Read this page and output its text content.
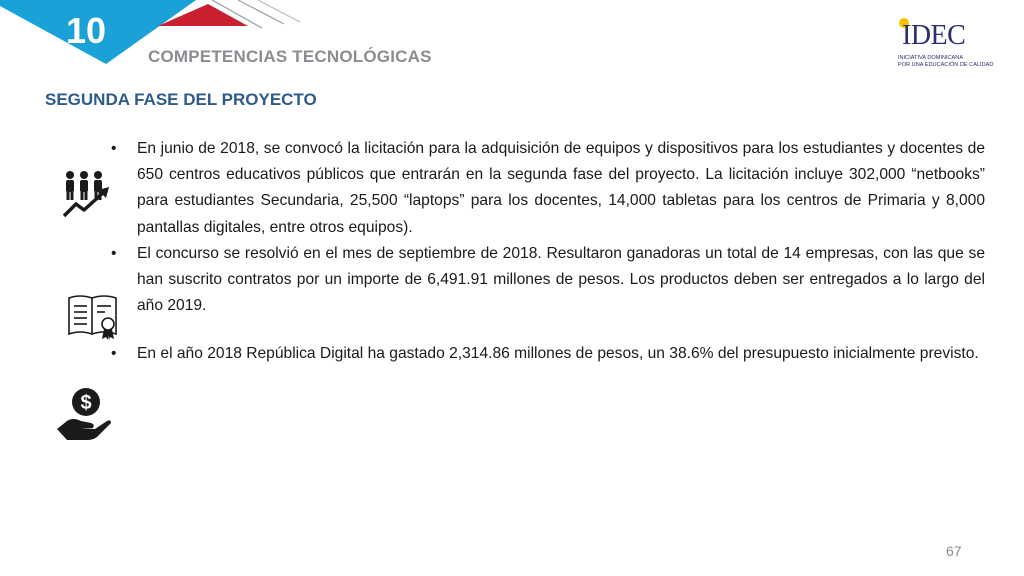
10
COMPETENCIAS TECNOLÓGICAS
IDEC
INICIATIVA DOMINICANA
POR UNA EDUCACIÓN DE CALIDAD
SEGUNDA FASE DEL PROYECTO
$
• En junio de 2018, se convocó la licitación para la adquisición de equipos y dispositivos para los estudiantes y docentes de 650 centros educativos públicos que entrarán en la segunda fase del proyecto. La licitación incluye 302,000 “netbooks” para estudiantes Secundaria, 25,500 “laptops” para los docentes, 14,000 tabletas para los centros de Primaria y 8,000 pantallas digitales, entre otros equipos).
• El concurso se resolvió en el mes de septiembre de 2018. Resultaron ganadoras un total de 14 empresas, con las que se han suscrito contratos por un importe de 6,491.91 millones de pesos. Los productos deben ser entregados a lo largo del año 2019.
• En el año 2018 República Digital ha gastado 2,314.86 millones de pesos, un 38.6% del presupuesto inicialmente previsto.
67
